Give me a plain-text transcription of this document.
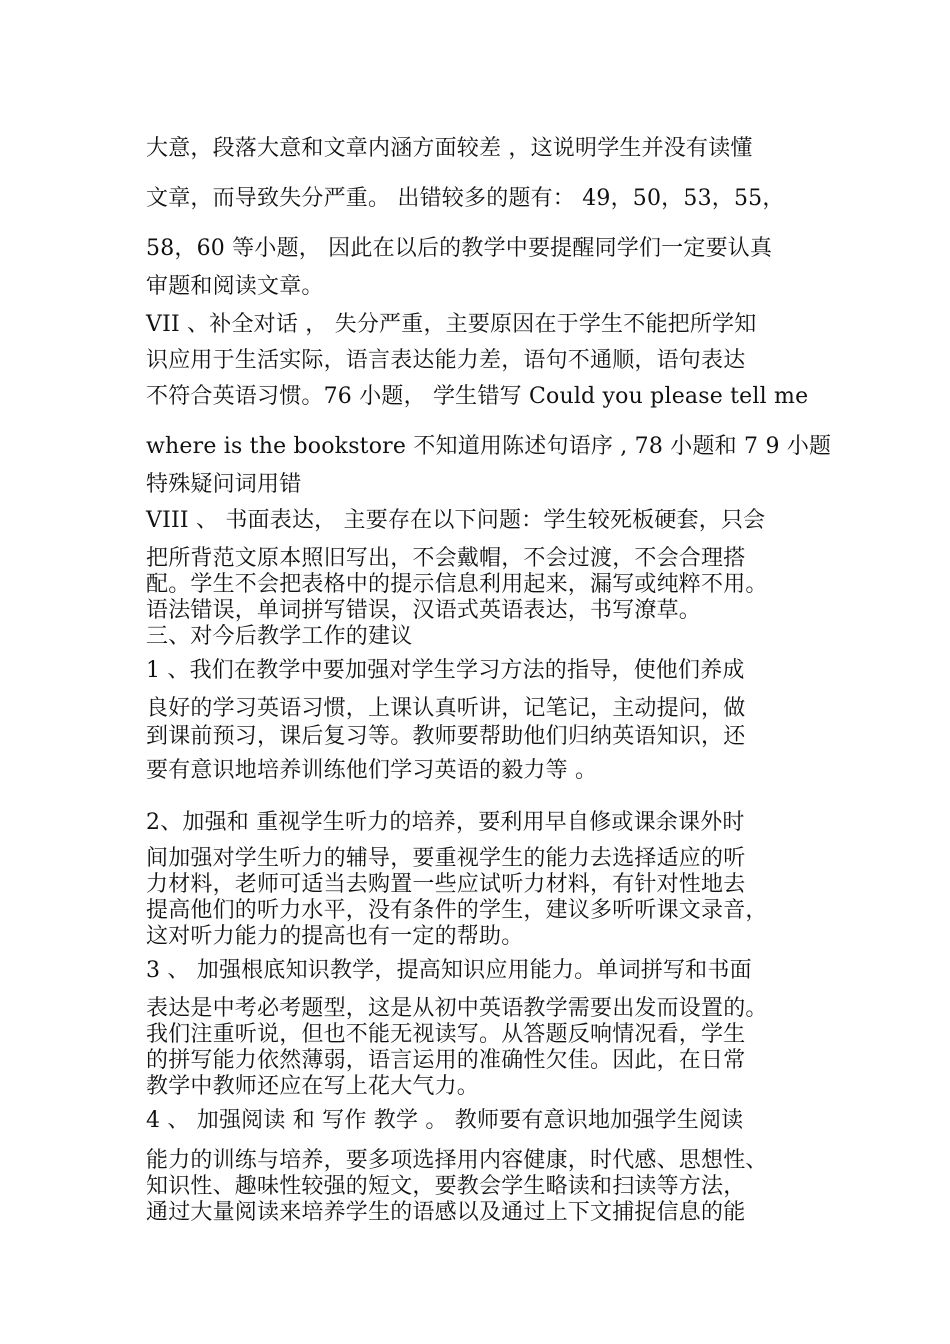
大意，段落大意和文章内涵方面较差 ，这说明学生并没有读懂
文章，而导致失分严重。 出错较多的题有： 49，50，53，55，
58，60 等小题， 因此在以后的教学中要提醒同学们一定要认真
审题和阅读文章。
VII 、补全对话 ， 失分严重，主要原因在于学生不能把所学知
识应用于生活实际，语言表达能力差，语句不通顺，语句表达
不符合英语习惯。76 小题， 学生错写 Could you please tell me
where is the bookstore 不知道用陈述句语序 , 78 小题和 7 9 小题
特殊疑问词用错
VIII 、 书面表达， 主要存在以下问题：学生较死板硬套，只会
把所背范文原本照旧写出，不会戴帽，不会过渡，不会合理搭
配。学生不会把表格中的提示信息利用起来，漏写或纯粹不用。
语法错误，单词拼写错误，汉语式英语表达，书写潦草。
三、对今后教学工作的建议
1 、我们在教学中要加强对学生学习方法的指导，使他们养成
良好的学习英语习惯，上课认真听讲，记笔记，主动提问，做
到课前预习，课后复习等。教师要帮助他们归纳英语知识，还
要有意识地培养训练他们学习英语的毅力等 。
2、加强和 重视学生听力的培养，要利用早自修或课余课外时
间加强对学生听力的辅导，要重视学生的能力去选择适应的听
力材料，老师可适当去购置一些应试听力材料，有针对性地去
提高他们的听力水平，没有条件的学生，建议多听听课文录音，
这对听力能力的提高也有一定的帮助。
3 、 加强根底知识教学，提高知识应用能力。单词拼写和书面
表达是中考必考题型，这是从初中英语教学需要出发而设置的。
我们注重听说，但也不能无视读写。从答题反响情况看，学生
的拼写能力依然薄弱，语言运用的准确性欠佳。因此，在日常
教学中教师还应在写上花大气力。
4 、 加强阅读 和 写作 教学 。 教师要有意识地加强学生阅读
能力的训练与培养，要多项选择用内容健康，时代感、思想性、
知识性、趣味性较强的短文，要教会学生略读和扫读等方法，
通过大量阅读来培养学生的语感以及通过上下文捕捉信息的能
